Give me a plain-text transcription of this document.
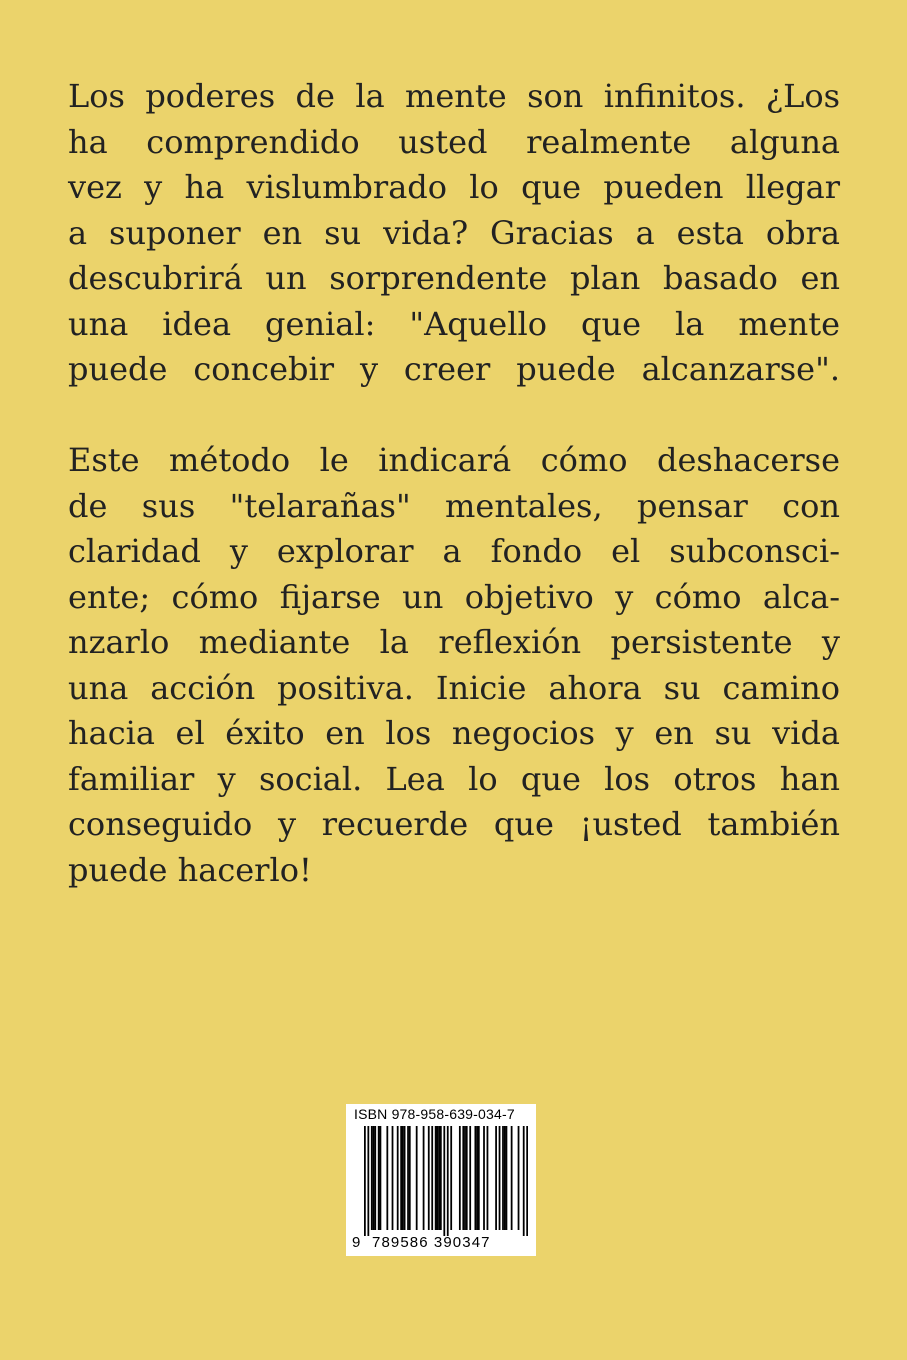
Los poderes de la mente son infinitos. ¿Los
ha comprendido usted realmente alguna
vez y ha vislumbrado lo que pueden llegar
a suponer en su vida? Gracias a esta obra
descubrirá un sorprendente plan basado en
una idea genial: "Aquello que la mente
puede concebir y creer puede alcanzarse".
Este método le indicará cómo deshacerse
de sus "telarañas" mentales, pensar con
claridad y explorar a fondo el subconsci-
ente; cómo fijarse un objetivo y cómo alca-
nzarlo mediante la reflexión persistente y
una acción positiva. Inicie ahora su camino
hacia el éxito en los negocios y en su vida
familiar y social. Lea lo que los otros han
conseguido y recuerde que ¡usted también
puede hacerlo!
ISBN 978-958-639-034-7
9 789586 390347
